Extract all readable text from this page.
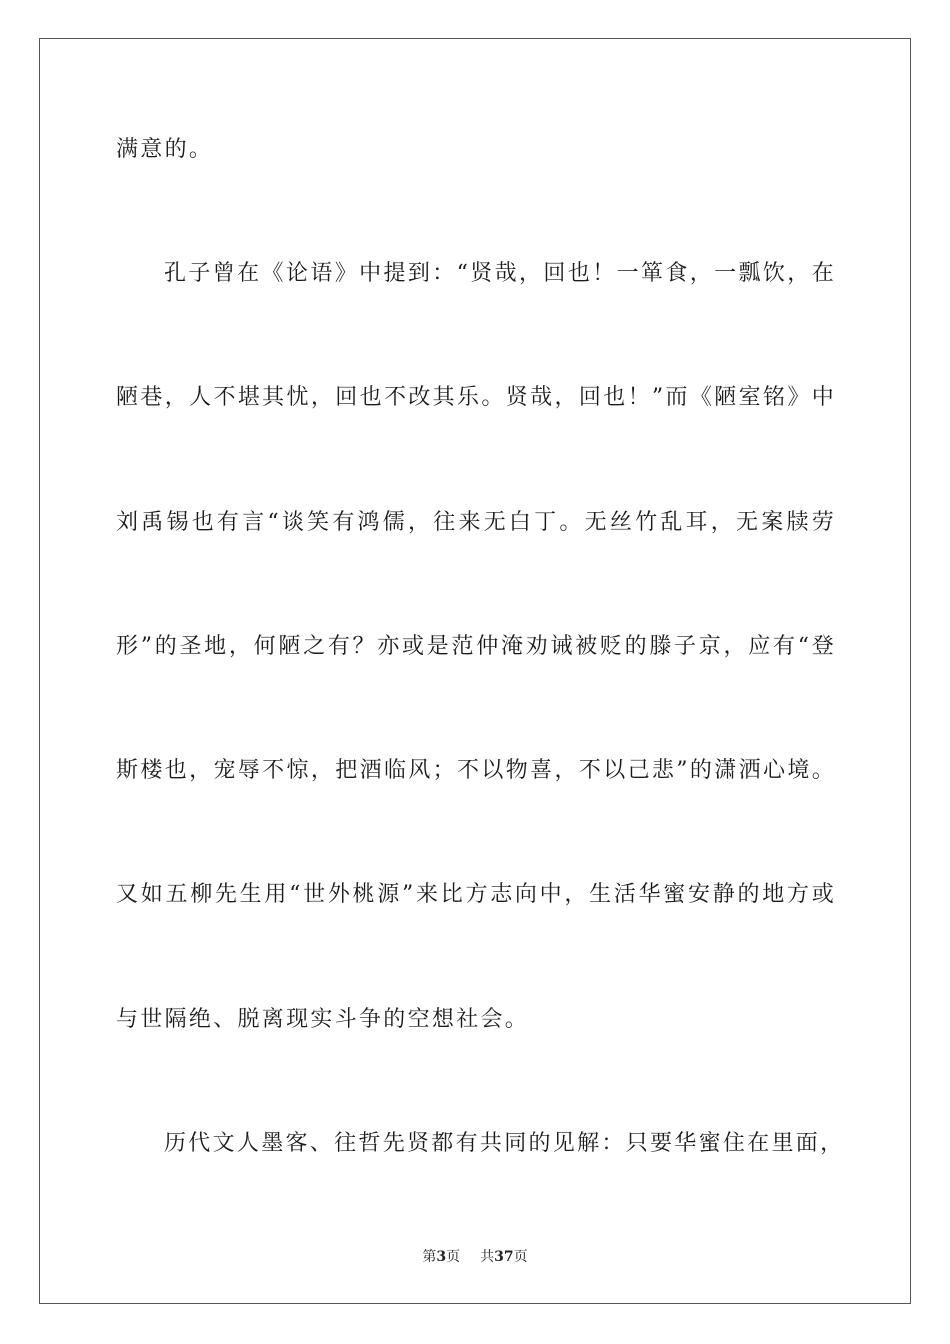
满意的。
孔子曾在《论语》中提到：“贤哉，回也！一箪食，一瓢饮，在
陋巷，人不堪其忧，回也不改其乐。贤哉，回也！”而《陋室铭》中
刘禹锡也有言“谈笑有鸿儒，往来无白丁。无丝竹乱耳，无案牍劳
形”的圣地，何陋之有？亦或是范仲淹劝诫被贬的滕子京，应有“登
斯楼也，宠辱不惊，把酒临风；不以物喜，不以己悲”的潇洒心境。
又如五柳先生用“世外桃源”来比方志向中，生活华蜜安静的地方或
与世隔绝、脱离现实斗争的空想社会。
历代文人墨客、往哲先贤都有共同的见解：只要华蜜住在里面，
第3页 共37页
